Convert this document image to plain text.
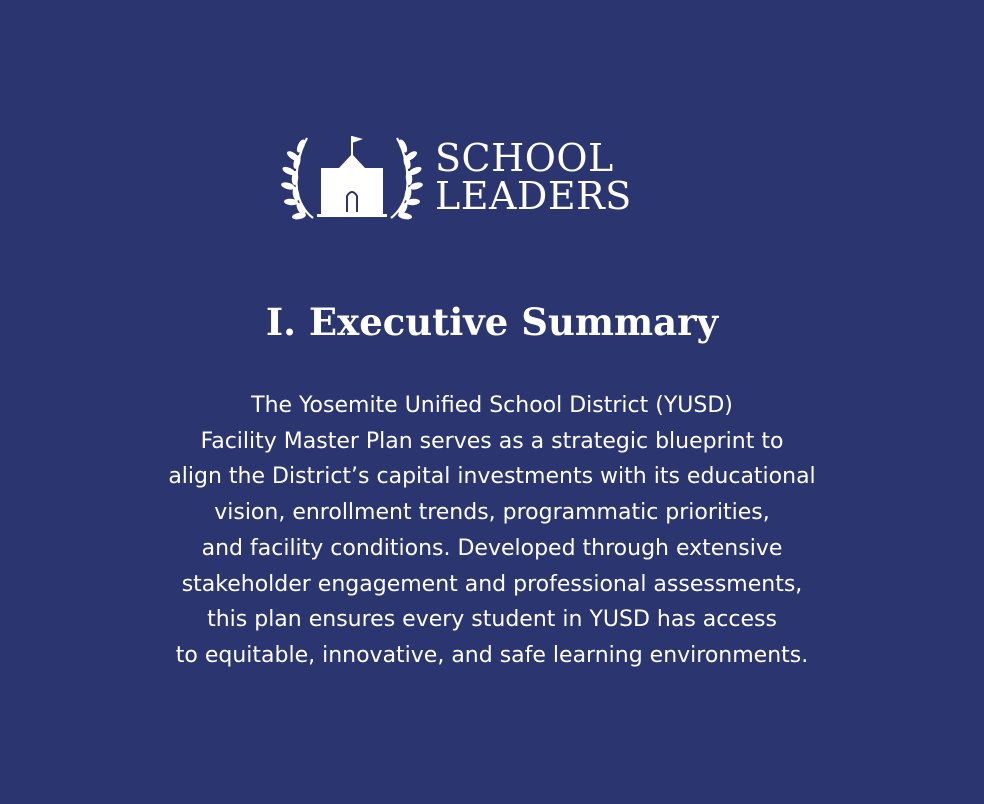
SCHOOL
LEADERS
I. Executive Summary
The Yosemite Unified School District (YUSD)
Facility Master Plan serves as a strategic blueprint to
align the District’s capital investments with its educational
vision, enrollment trends, programmatic priorities,
and facility conditions. Developed through extensive
stakeholder engagement and professional assessments,
this plan ensures every student in YUSD has access
to equitable, innovative, and safe learning environments.
